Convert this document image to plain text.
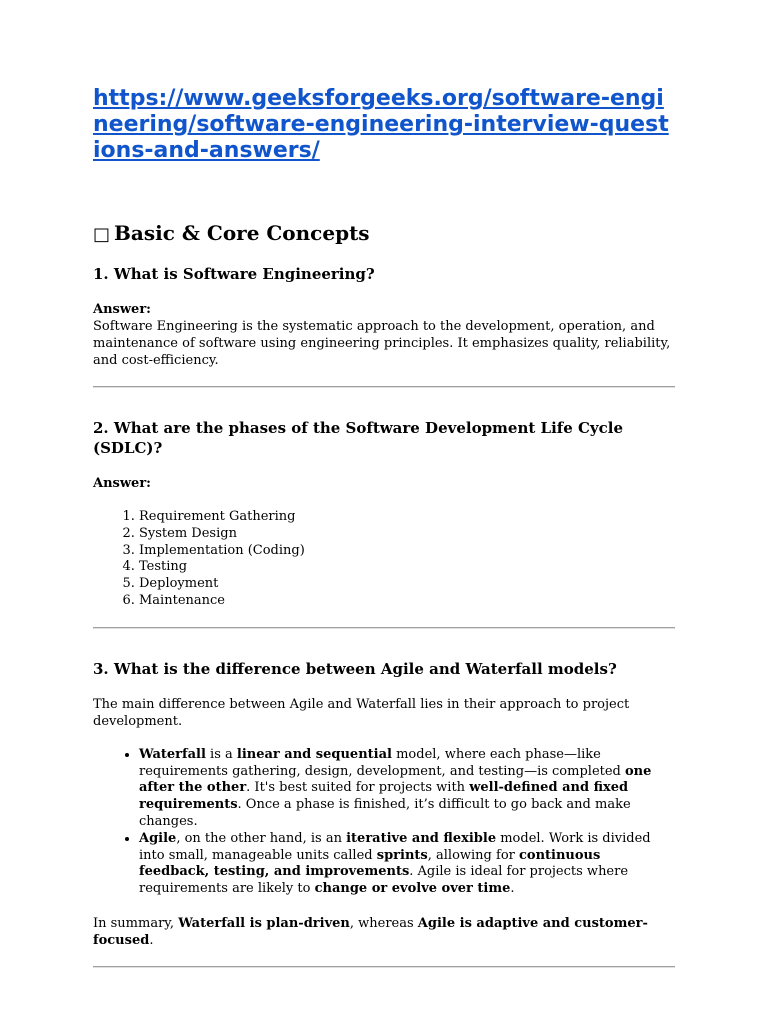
https://www.geeksforgeeks.org/software-engineering/software-engineering-interview-questions-and-answers/
□ Basic & Core Concepts
1. What is Software Engineering?

Answer:

Software Engineering is the systematic approach to the development, operation, and maintenance of software using engineering principles. It emphasizes quality, reliability, and cost-efficiency.

2. What are the phases of the Software Development Life Cycle (SDLC)?

Answer:

1. Requirement Gathering
2. System Design
3. Implementation (Coding)
4. Testing
5. Deployment
6. Maintenance
3. What is the difference between Agile and Waterfall models?

The main difference between Agile and Waterfall lies in their approach to project development.

• Waterfall is a linear and sequential model, where each phase—like requirements gathering, design, development, and testing—is completed one after the other. It's best suited for projects with well-defined and fixed requirements. Once a phase is finished, it’s difficult to go back and make changes.
• Agile, on the other hand, is an iterative and flexible model. Work is divided into small, manageable units called sprints, allowing for continuous feedback, testing, and improvements. Agile is ideal for projects where requirements are likely to change or evolve over time.

In summary, Waterfall is plan-driven, whereas Agile is adaptive and customer-focused.
